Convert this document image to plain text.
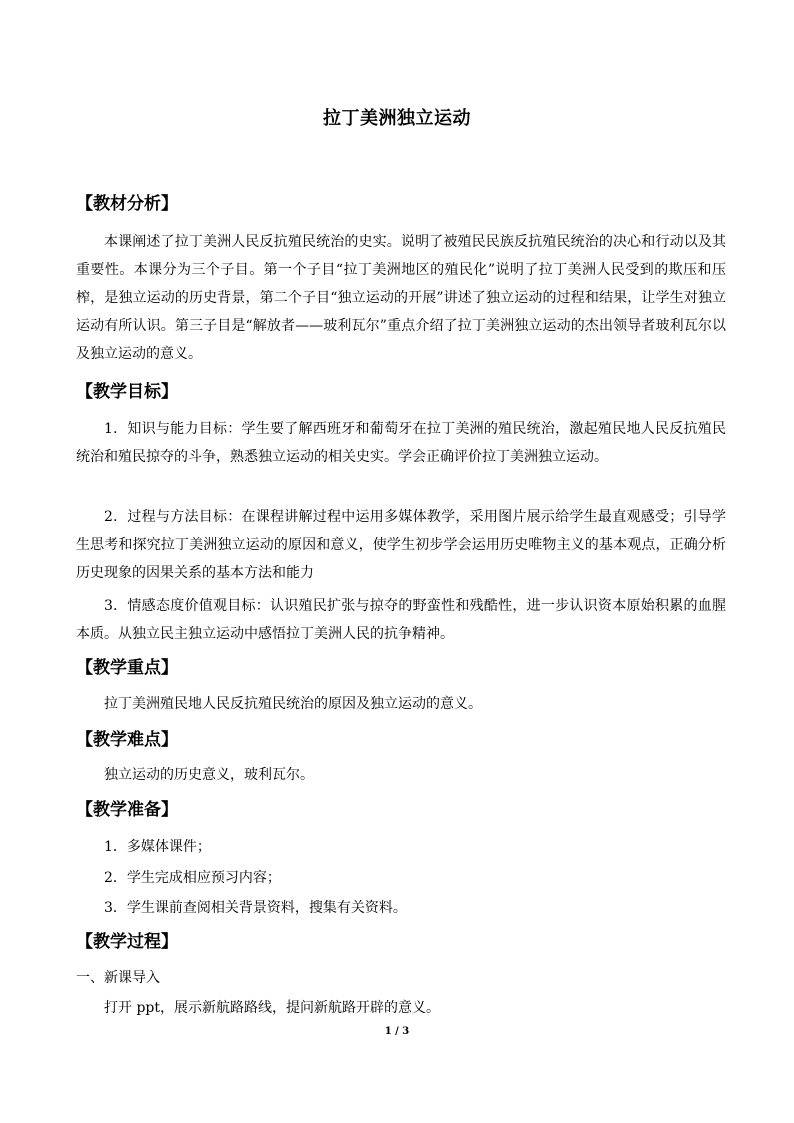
拉丁美洲独立运动
【教材分析】
本课阐述了拉丁美洲人民反抗殖民统治的史实。说明了被殖民民族反抗殖民统治的决心和行动以及其重要性。本课分为三个子目。第一个子目“拉丁美洲地区的殖民化”说明了拉丁美洲人民受到的欺压和压榨，是独立运动的历史背景，第二个子目“独立运动的开展”讲述了独立运动的过程和结果，让学生对独立运动有所认识。第三子目是“解放者——玻利瓦尔”重点介绍了拉丁美洲独立运动的杰出领导者玻利瓦尔以及独立运动的意义。
【教学目标】
1．知识与能力目标：学生要了解西班牙和葡萄牙在拉丁美洲的殖民统治，激起殖民地人民反抗殖民统治和殖民掠夺的斗争，熟悉独立运动的相关史实。学会正确评价拉丁美洲独立运动。
2．过程与方法目标：在课程讲解过程中运用多媒体教学，采用图片展示给学生最直观感受；引导学生思考和探究拉丁美洲独立运动的原因和意义，使学生初步学会运用历史唯物主义的基本观点，正确分析历史现象的因果关系的基本方法和能力
3．情感态度价值观目标：认识殖民扩张与掠夺的野蛮性和残酷性，进一步认识资本原始积累的血腥本质。从独立民主独立运动中感悟拉丁美洲人民的抗争精神。
【教学重点】
拉丁美洲殖民地人民反抗殖民统治的原因及独立运动的意义。
【教学难点】
独立运动的历史意义，玻利瓦尔。
【教学准备】
1．多媒体课件；
2．学生完成相应预习内容；
3．学生课前查阅相关背景资料，搜集有关资料。
【教学过程】
一、新课导入
打开 ppt，展示新航路路线，提问新航路开辟的意义。
1 / 3
